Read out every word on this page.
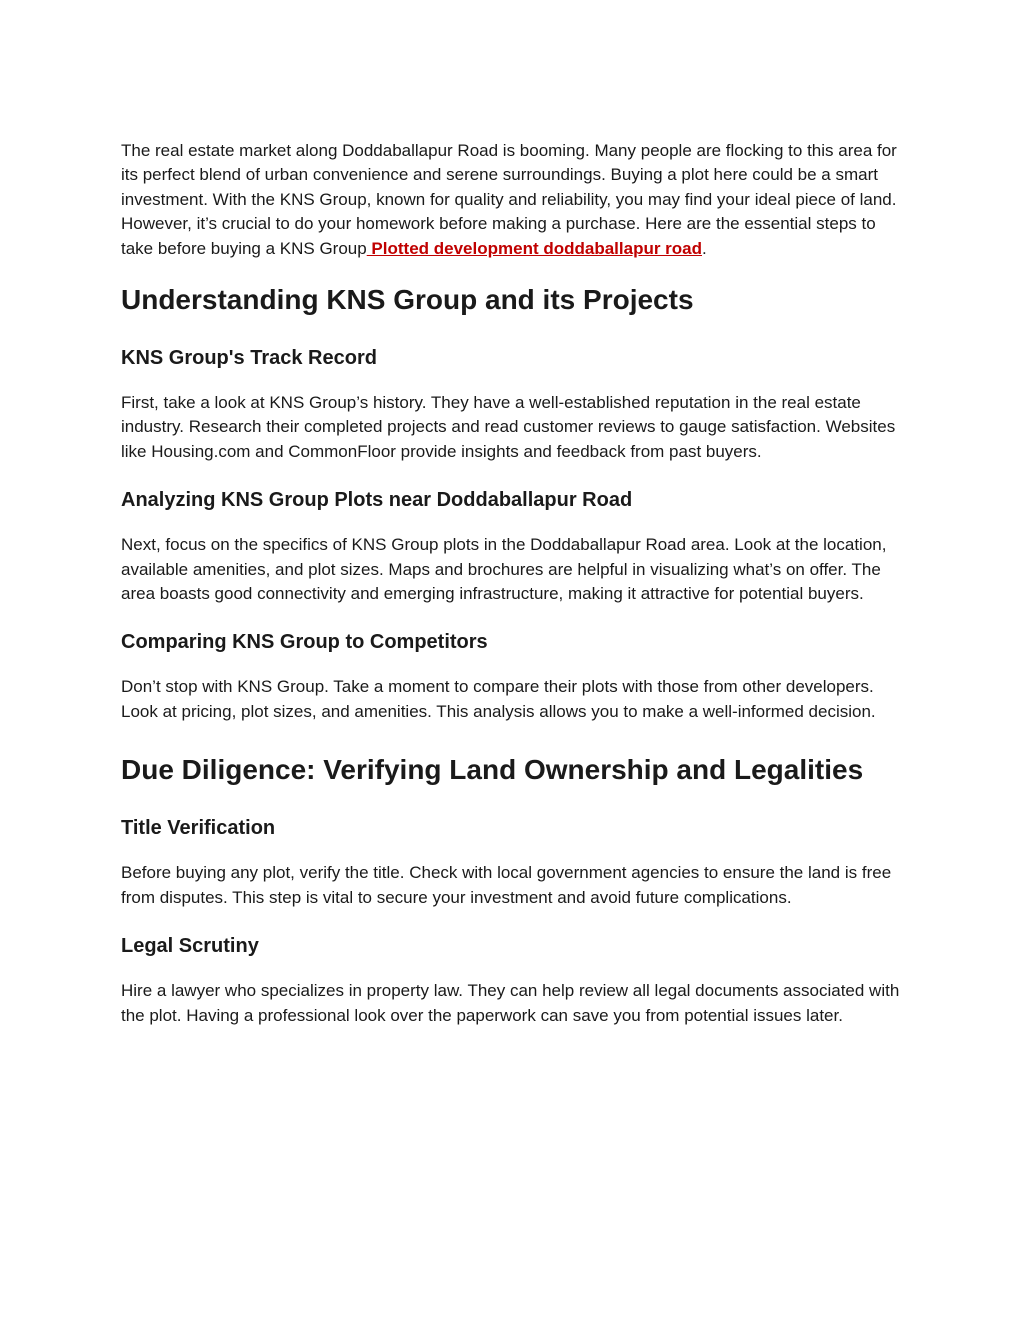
The real estate market along Doddaballapur Road is booming. Many people are flocking to this area for its perfect blend of urban convenience and serene surroundings. Buying a plot here could be a smart investment. With the KNS Group, known for quality and reliability, you may find your ideal piece of land. However, it’s crucial to do your homework before making a purchase. Here are the essential steps to take before buying a KNS Group Plotted development doddaballapur road.

Understanding KNS Group and its Projects
KNS Group's Track Record

First, take a look at KNS Group’s history. They have a well-established reputation in the real estate industry. Research their completed projects and read customer reviews to gauge satisfaction. Websites like Housing.com and CommonFloor provide insights and feedback from past buyers.

Analyzing KNS Group Plots near Doddaballapur Road

Next, focus on the specifics of KNS Group plots in the Doddaballapur Road area. Look at the location, available amenities, and plot sizes. Maps and brochures are helpful in visualizing what’s on offer. The area boasts good connectivity and emerging infrastructure, making it attractive for potential buyers.

Comparing KNS Group to Competitors

Don’t stop with KNS Group. Take a moment to compare their plots with those from other developers. Look at pricing, plot sizes, and amenities. This analysis allows you to make a well-informed decision.

Due Diligence: Verifying Land Ownership and Legalities
Title Verification

Before buying any plot, verify the title. Check with local government agencies to ensure the land is free from disputes. This step is vital to secure your investment and avoid future complications.

Legal Scrutiny

Hire a lawyer who specializes in property law. They can help review all legal documents associated with the plot. Having a professional look over the paperwork can save you from potential issues later.
